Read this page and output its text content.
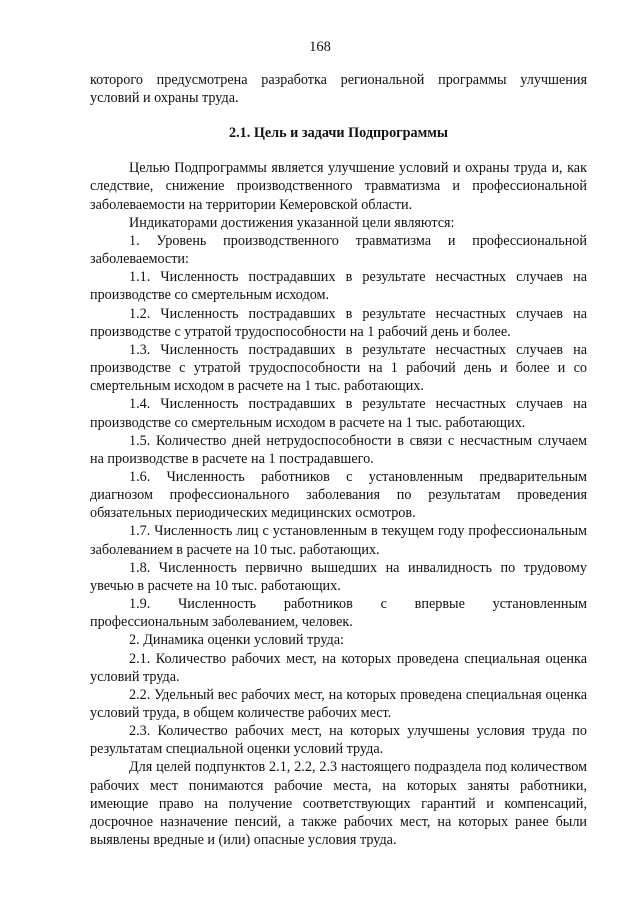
168

которого предусмотрена разработка региональной программы улучшения условий и охраны труда.

2.1. Цель и задачи Подпрограммы

Целью Подпрограммы является улучшение условий и охраны труда и, как следствие, снижение производственного травматизма и профессиональной заболеваемости на территории Кемеровской области.

Индикаторами достижения указанной цели являются:

1. Уровень производственного травматизма и профессиональной заболеваемости:

1.1. Численность пострадавших в результате несчастных случаев на производстве со смертельным исходом.

1.2. Численность пострадавших в результате несчастных случаев на производстве с утратой трудоспособности на 1 рабочий день и более.

1.3. Численность пострадавших в результате несчастных случаев на производстве с утратой трудоспособности на 1 рабочий день и более и со смертельным исходом в расчете на 1 тыс. работающих.

1.4. Численность пострадавших в результате несчастных случаев на производстве со смертельным исходом в расчете на 1 тыс. работающих.

1.5. Количество дней нетрудоспособности в связи с несчастным случаем на производстве в расчете на 1 пострадавшего.

1.6. Численность работников с установленным предварительным диагнозом профессионального заболевания по результатам проведения обязательных периодических медицинских осмотров.

1.7. Численность лиц с установленным в текущем году профессиональным заболеванием в расчете на 10 тыс. работающих.

1.8. Численность первично вышедших на инвалидность по трудовому увечью в расчете на 10 тыс. работающих.

1.9. Численность работников с впервые установленным профессиональным заболеванием, человек.

2. Динамика оценки условий труда:

2.1. Количество рабочих мест, на которых проведена специальная оценка условий труда.

2.2. Удельный вес рабочих мест, на которых проведена специальная оценка условий труда, в общем количестве рабочих мест.

2.3. Количество рабочих мест, на которых улучшены условия труда по результатам специальной оценки условий труда.

Для целей подпунктов 2.1, 2.2, 2.3 настоящего подраздела под количеством рабочих мест понимаются рабочие места, на которых заняты работники, имеющие право на получение соответствующих гарантий и компенсаций, досрочное назначение пенсий, а также рабочих мест, на которых ранее были выявлены вредные и (или) опасные условия труда.
